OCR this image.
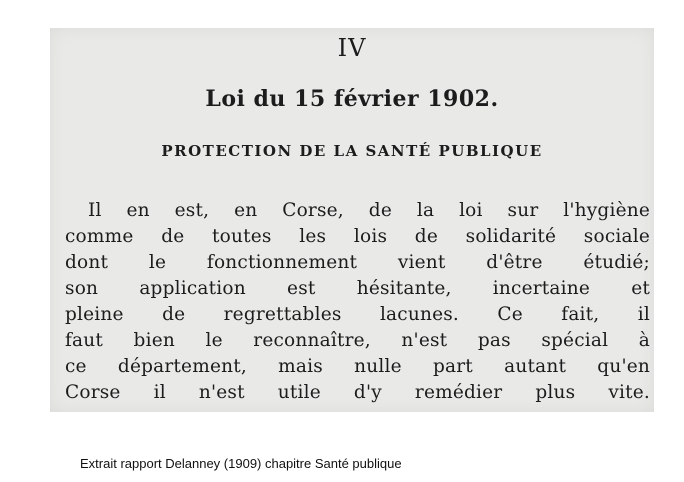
IV
Loi du 15 février 1902.
PROTECTION DE LA SANTÉ PUBLIQUE
Il en est, en Corse, de la loi sur l'hygiène
comme de toutes les lois de solidarité sociale
dont le fonctionnement vient d'être étudié;
son application est hésitante, incertaine et
pleine de regrettables lacunes. Ce fait, il
faut bien le reconnaître, n'est pas spécial à
ce département, mais nulle part autant qu'en
Corse il n'est utile d'y remédier plus vite.
Extrait rapport Delanney (1909) chapitre Santé publique
